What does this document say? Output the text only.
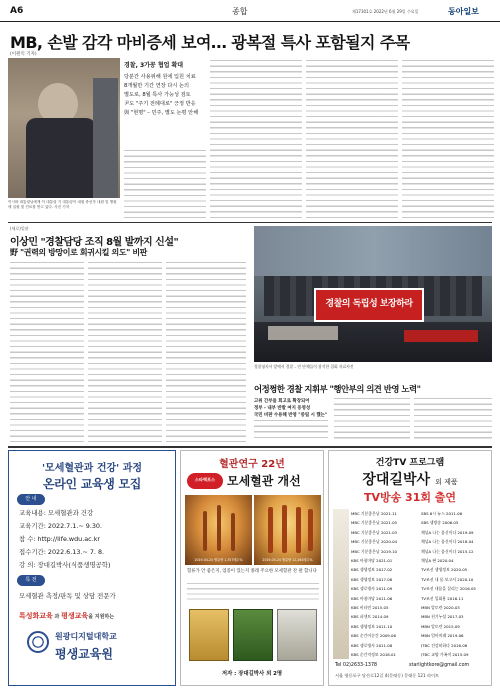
A6	종합	제17301호 2022년 6월 29일 수요일	동아일보
MB, 손발 감각 마비증세 보여… 광복절 특사 포함될지 주목
(이원익 기자)
이시바 대통령님에게 이 대통령 기 대통령이 내원 중선각 내원 및 병원에 입원 및 진료를 받고 있다. 사진 기자
경찰, 3가꽁 협업 확대
당분간 사용위해 원에 입원 치료
8개월만 기간 연장 다시 논의
별도로, 8월 특사 가능성 검토
尹도 "주기 전례대로" 긍정 반응
與 "현명" – 민주, 별도 논평 안해
(세로)일관
이상민 "경찰담당 조직 8월 발까지 신설"
野 "권력의 방망이로 회귀시킬 의도" 비판
경찰의 독립성 보장하라
경찰청지서 앞에서 경찰 – 민 단체들이 참석한 집회 자료사진
어정쩡한 경찰 지휘부 "행안부의 의견 반영 노력"
고위 간부들 회고로 확장되어
정부 - 내부 반발 여지 동영성
국민 비판 수용해 반영 "중립 시 했는"
'모세혈관과 건강' 과정
온라인 교육생 모집
안 내
교육내용: 모세혈관과 건강
교육기간: 2022.7.1.~ 9.30.
참 수: http://life.wdu.ac.kr
접수기간: 2022.6.13.~ 7. 8.
강 의: 장대길박사(식품생명공학)
특 전
모세혈관 측정/판독 및 상담 전문가
특성화교육 과 평생교육을 지원하는
원광디지털대학교
평생교육원
혈관연구 22년
스타텍포스 모세혈관 개선
2019-04-24 혈류량 1,357배수%	2019-05-24 혈류량 12,264배수%
혈류가 안 좋은지, 염증이 있는지 종래 주요한 모세혈관 잔 팔 합니다
저자 : 장대길박사 외 2명
건강TV 프로그램
장대길박사 외 제품
TV방송 31회 출연
MBC 기분좋은날 2021.11	SBS 6시 뉴스 2011.06
MBC 기분좋은날 2021.05	SBS 생방송 2006.05
MBC 기분좋은날 2021.03	채널A 나는 몸신이다 2019.09
MBC 기분좋은날 2020.04	채널A 나는 몸신이다 2018.04
MBC 기분좋은날 2019.10	채널A 나는 몸신이다 2015.12
KBS 아침마당 2021.01	채널A 판 2020.04
KBS 생생정보 2017.02	TV조선 생생정보 2020.05
KBS 생생정보 2017.08	TV조선 내 몸 보고서 2020.10
KBS 생로병사 2011.09	TV조선 내몸을 살리는 2016.05
KBS 아침마당 2011.06	TV조선 일회용 2016.11
KBS 비타민 2015.05	MBN 알토란 2020.03
KBS 퍼센트 2014.09	MBN 천기누설 2017.03
KBS 생생정보 2011.10	MBN 알토란 2015.09
KBS 순간이순간 2009.06	MBN 엄마의레 2019.06
KBS 생로병사 2011.08	JTBC 건강히하다 2016.08
KBS 순간적정보 2018.01	JTBC 교양 가족적 2015.09
Tel 02)2633-1378	starlightkore@gmail.com
서울 영등포구 당산로12길 4(문래동) 문래동 121 라이트
